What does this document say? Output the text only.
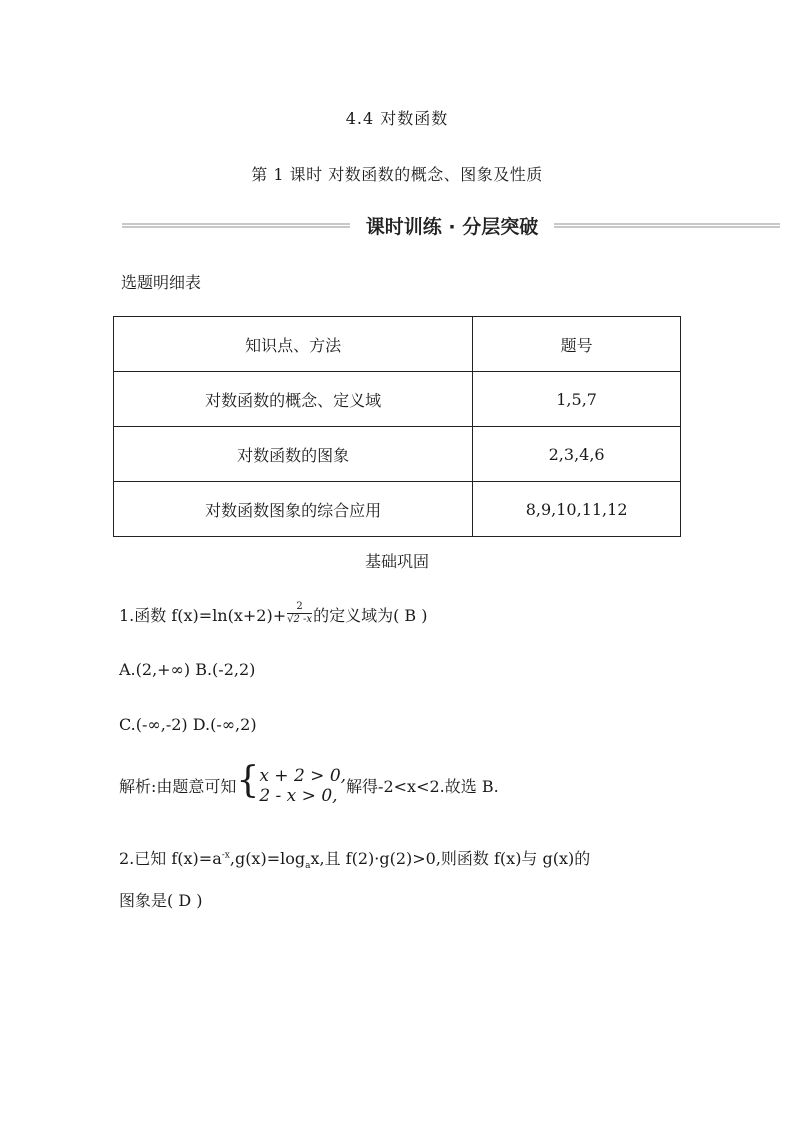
4.4 对数函数
第 1 课时 对数函数的概念、图象及性质
课时训练 · 分层突破
选题明细表
知识点、方法	题号
对数函数的概念、定义域	1,5,7
对数函数的图象	2,3,4,6
对数函数图象的综合应用	8,9,10,11,12
基础巩固
1.函数 $f(x)=\ln(x+2)+ \frac{2}{√2 -x}$ 的定义域为( B )
A.(2,+∞) B.(-2,2)
C.(-∞,-2) D.(-∞,2)
解析:由题意可知{ x + 2 > 0,
2 - x > 0, 解得-2<x<2.故选 B.
2.已知 $f(x)=a^{-x},g(x)=\log_ax$,且 f(2)·g(2)>0,则函数 f(x)与 g(x)的
图象是( D )
